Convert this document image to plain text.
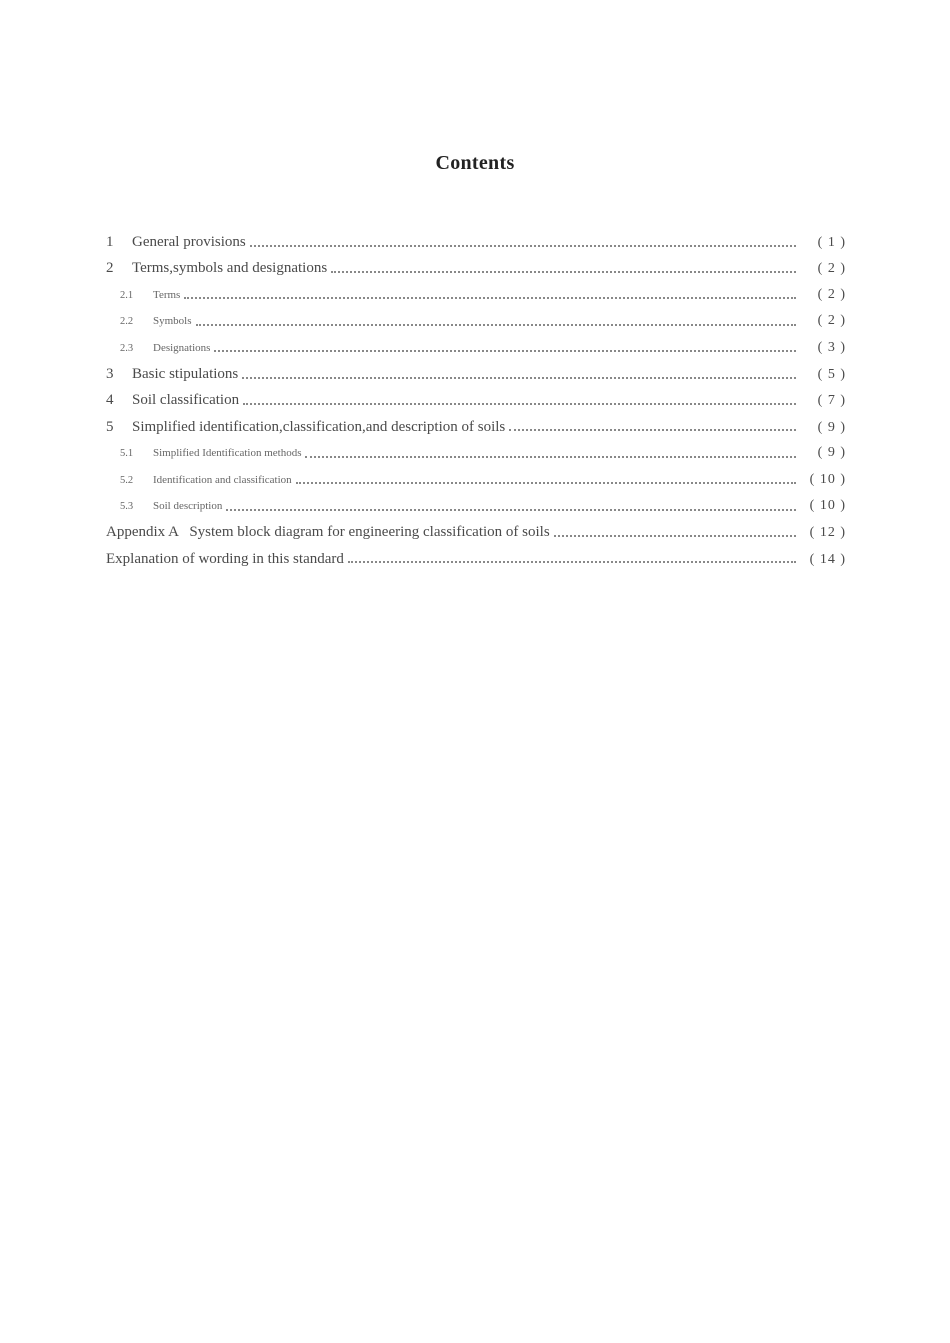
Contents
1	General provisions	( 1 )
2	Terms,symbols and designations	( 2 )
2.1	Terms	( 2 )
2.2	Symbols	( 2 )
2.3	Designations	( 3 )
3	Basic stipulations	( 5 )
4	Soil classification	( 7 )
5	Simplified identification,classification,and description of soils	( 9 )
5.1	Simplified Identification methods	( 9 )
5.2	Identification and classification	( 10 )
5.3	Soil description	( 10 )
Appendix A   System block diagram for engineering classification of soils	( 12 )
Explanation of wording in this standard	( 14 )
